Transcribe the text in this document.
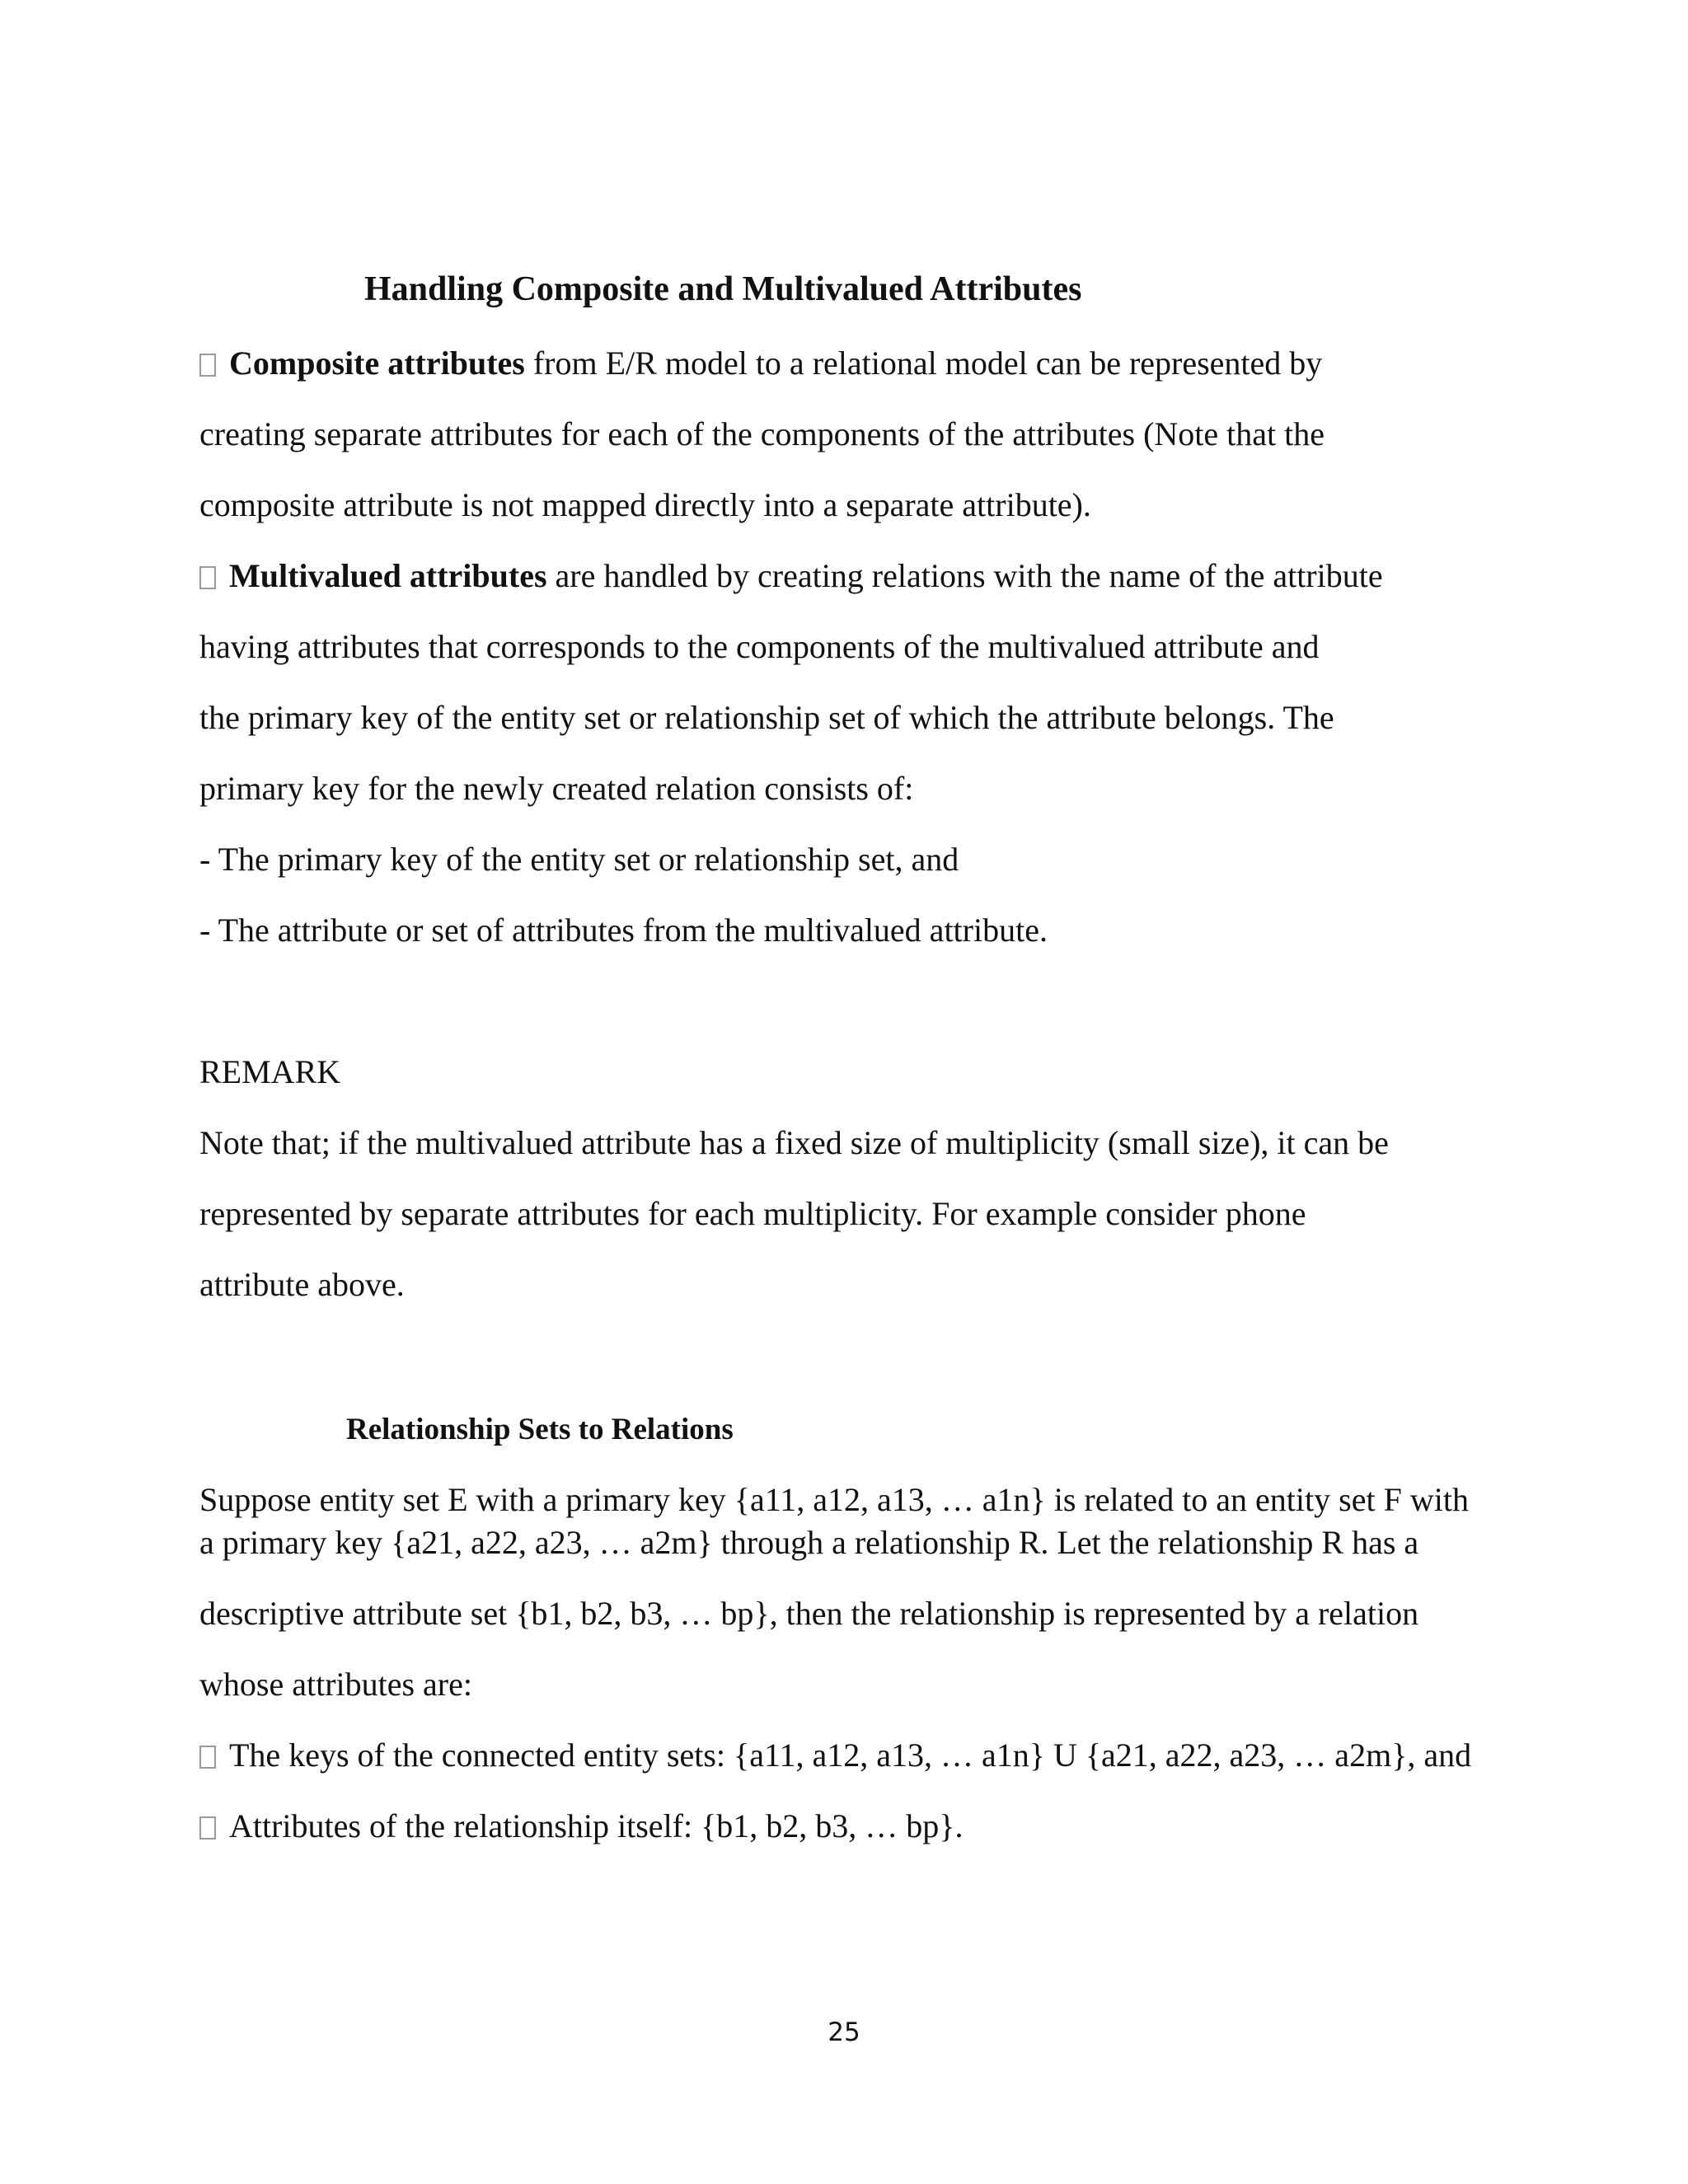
Handling Composite and Multivalued Attributes
Composite attributes from E/R model to a relational model can be represented by
creating separate attributes for each of the components of the attributes (Note that the
composite attribute is not mapped directly into a separate attribute).
Multivalued attributes are handled by creating relations with the name of the attribute
having attributes that corresponds to the components of the multivalued attribute and
the primary key of the entity set or relationship set of which the attribute belongs. The
primary key for the newly created relation consists of:
- The primary key of the entity set or relationship set, and
- The attribute or set of attributes from the multivalued attribute.
REMARK
Note that; if the multivalued attribute has a fixed size of multiplicity (small size), it can be
represented by separate attributes for each multiplicity. For example consider phone
attribute above.
Relationship Sets to Relations
Suppose entity set E with a primary key {a11, a12, a13, … a1n} is related to an entity set F with
a primary key {a21, a22, a23, … a2m} through a relationship R. Let the relationship R has a
descriptive attribute set {b1, b2, b3, … bp}, then the relationship is represented by a relation
whose attributes are:
The keys of the connected entity sets: {a11, a12, a13, … a1n} U {a21, a22, a23, … a2m}, and
Attributes of the relationship itself: {b1, b2, b3, … bp}.
25
